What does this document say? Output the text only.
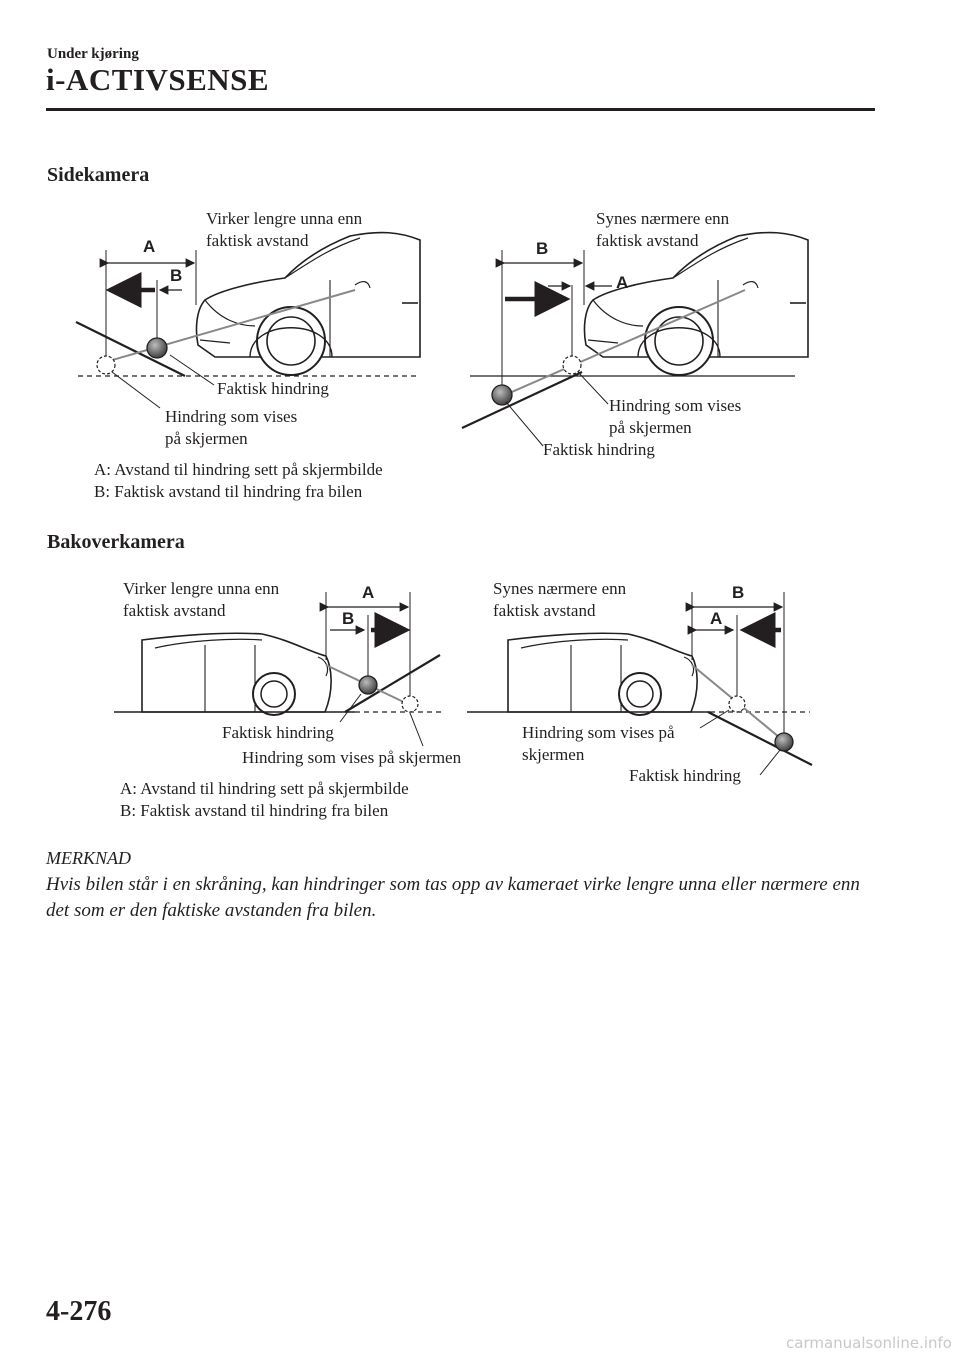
Under kjøring
i-ACTIVSENSE
Sidekamera
A
B
B
A
Virker lengre unna enn
faktisk avstand
Synes nærmere enn
faktisk avstand
Faktisk hindring
Hindring som vises
på skjermen
Hindring som vises
på skjermen
Faktisk hindring
A: Avstand til hindring sett på skjermbilde
B: Faktisk avstand til hindring fra bilen
Bakoverkamera
A
B
B
A
Virker lengre unna enn
faktisk avstand
Synes nærmere enn
faktisk avstand
Faktisk hindring
Hindring som vises på skjermen
Hindring som vises på
skjermen
Faktisk hindring
A: Avstand til hindring sett på skjermbilde
B: Faktisk avstand til hindring fra bilen
MERKNAD
Hvis bilen står i en skråning, kan hindringer som tas opp av kameraet virke lengre unna eller nærmere enn det som er den faktiske avstanden fra bilen.
4-276
carmanualsonline.info
